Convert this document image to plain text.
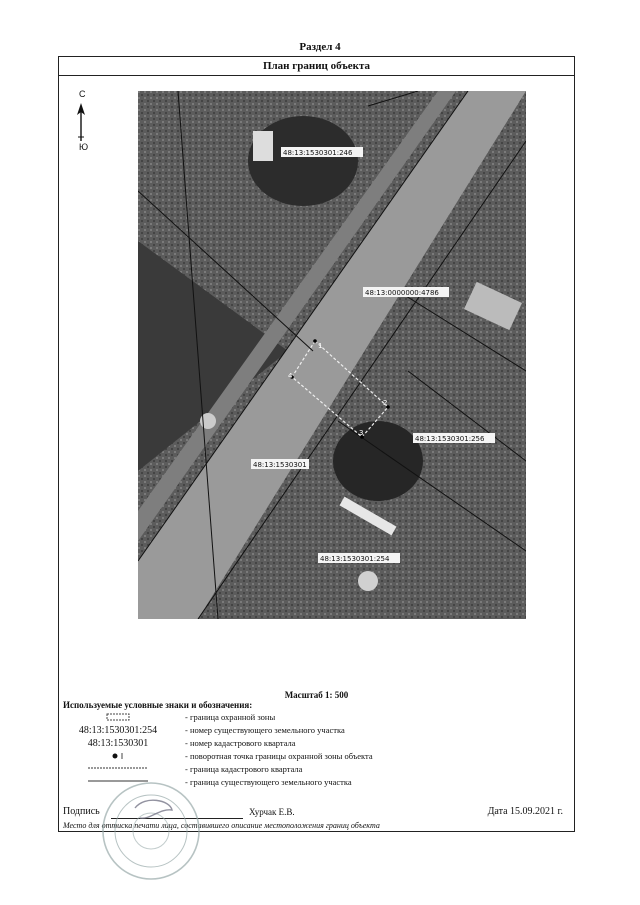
Раздел 4
План границ объекта
С
Ю
48:13:1530301:246
48:13:0000000:4786
48:13:1530301:256
48:13:1530301
48:13:1530301:254
1
2
3
4
Масштаб 1: 500
Используемые условные знаки и обозначения:
- граница охранной зоны
48:13:1530301:254	- номер существующего земельного участка
48:13:1530301	- номер кадастрового квартала
- поворотная точка границы охранной зоны объекта
- граница кадастрового квартала
- граница существующего земельного участка
Подпись	Хурчак Е.В.	Дата 15.09.2021 г.
Место для оттиска печати лица, составившего описание местоположения границ объекта
